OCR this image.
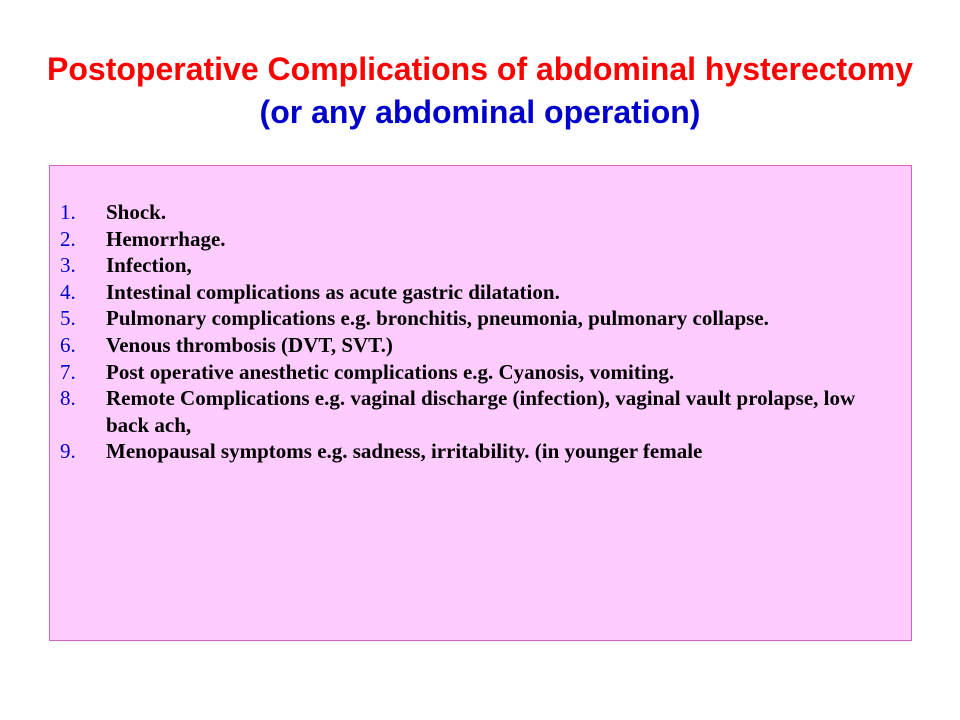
Postoperative Complications of abdominal hysterectomy (or any abdominal operation)
1. Shock.
2. Hemorrhage.
3. Infection,
4. Intestinal complications as acute gastric dilatation.
5. Pulmonary complications e.g. bronchitis, pneumonia, pulmonary collapse.
6. Venous thrombosis (DVT, SVT.)
7. Post operative anesthetic complications e.g. Cyanosis, vomiting.
8. Remote Complications e.g. vaginal discharge (infection), vaginal vault prolapse, low back ach,
9. Menopausal symptoms e.g. sadness, irritability. (in younger female
